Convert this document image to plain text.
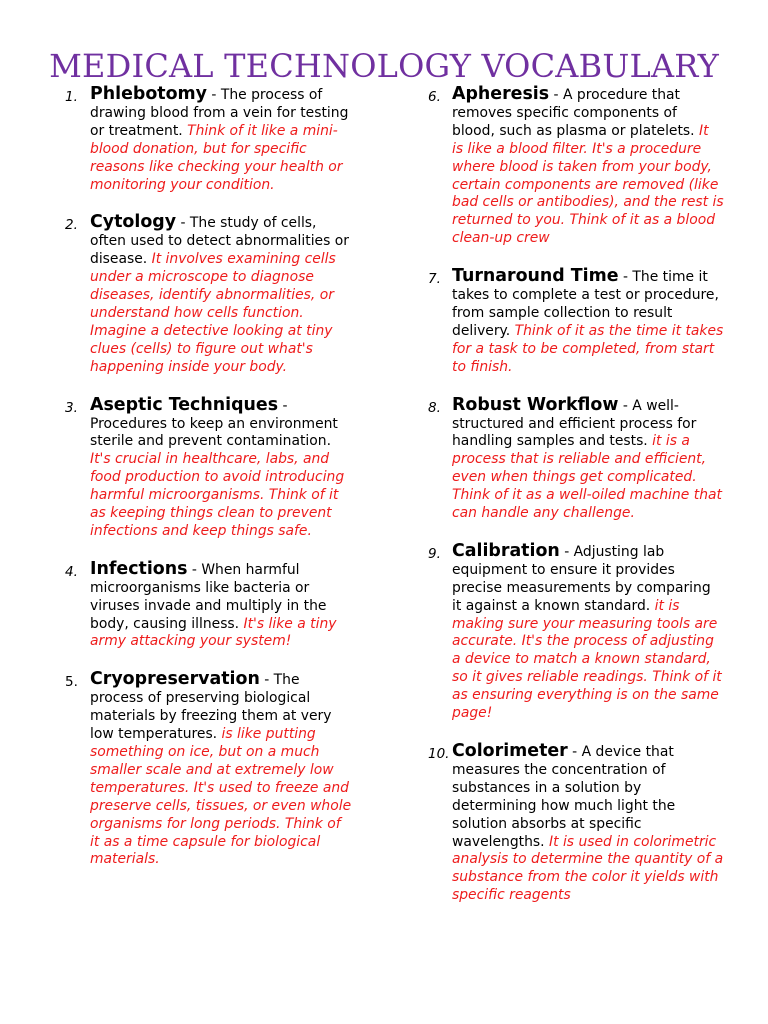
MEDICAL TECHNOLOGY VOCABULARY
1. Phlebotomy - The process of drawing blood from a vein for testing or treatment. Think of it like a mini-blood donation, but for specific reasons like checking your health or monitoring your condition.
2. Cytology - The study of cells, often used to detect abnormalities or disease. It involves examining cells under a microscope to diagnose diseases, identify abnormalities, or understand how cells function. Imagine a detective looking at tiny clues (cells) to figure out what's happening inside your body.
3. Aseptic Techniques - Procedures to keep an environment sterile and prevent contamination. It's crucial in healthcare, labs, and food production to avoid introducing harmful microorganisms. Think of it as keeping things clean to prevent infections and keep things safe.
4. Infections - When harmful microorganisms like bacteria or viruses invade and multiply in the body, causing illness. It's like a tiny army attacking your system!
5. Cryopreservation - The process of preserving biological materials by freezing them at very low temperatures. is like putting something on ice, but on a much smaller scale and at extremely low temperatures. It's used to freeze and preserve cells, tissues, or even whole organisms for long periods. Think of it as a time capsule for biological materials.
6. Apheresis - A procedure that removes specific components of blood, such as plasma or platelets. It is like a blood filter. It's a procedure where blood is taken from your body, certain components are removed (like bad cells or antibodies), and the rest is returned to you. Think of it as a blood clean-up crew
7. Turnaround Time - The time it takes to complete a test or procedure, from sample collection to result delivery. Think of it as the time it takes for a task to be completed, from start to finish.
8. Robust Workflow - A well-structured and efficient process for handling samples and tests. it is a process that is reliable and efficient, even when things get complicated. Think of it as a well-oiled machine that can handle any challenge.
9. Calibration - Adjusting lab equipment to ensure it provides precise measurements by comparing it against a known standard. it is making sure your measuring tools are accurate. It's the process of adjusting a device to match a known standard, so it gives reliable readings. Think of it as ensuring everything is on the same page!
10. Colorimeter - A device that measures the concentration of substances in a solution by determining how much light the solution absorbs at specific wavelengths. It is used in colorimetric analysis to determine the quantity of a substance from the color it yields with specific reagents
